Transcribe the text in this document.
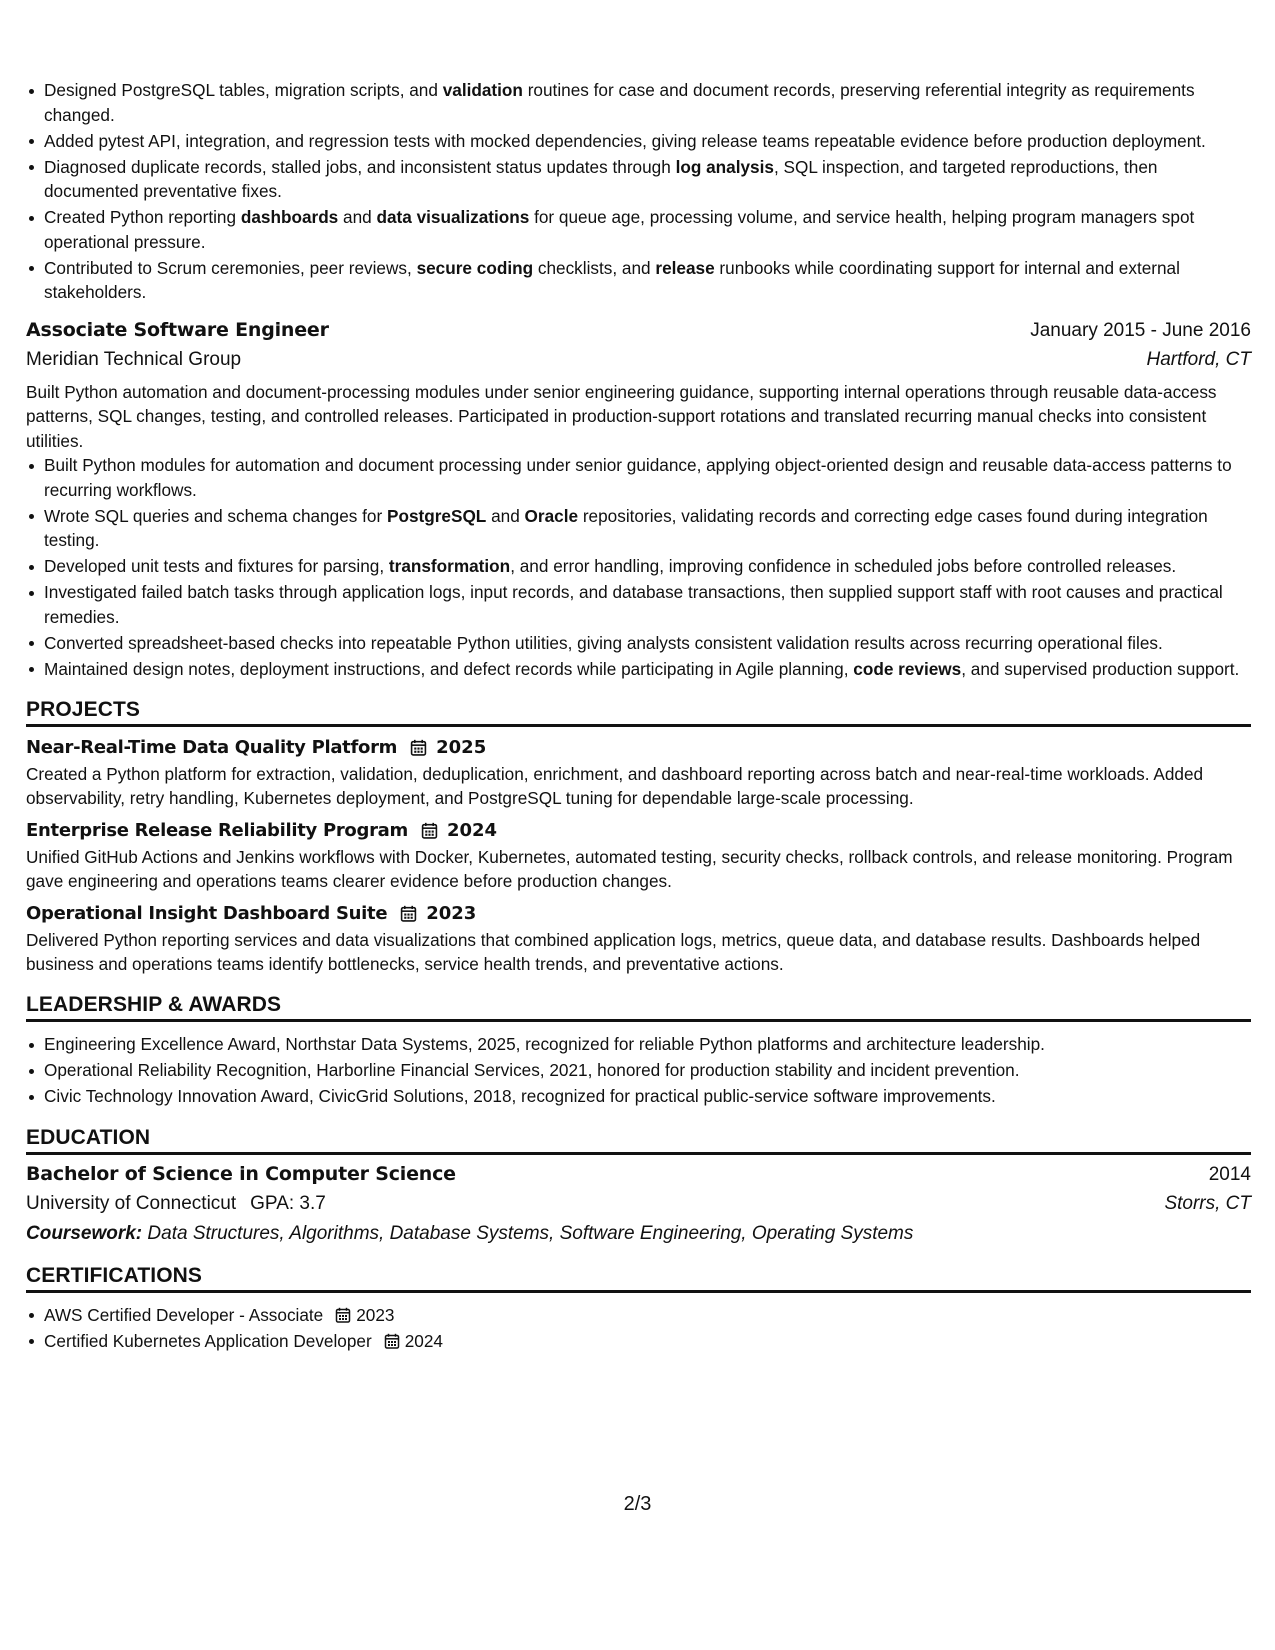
Designed PostgreSQL tables, migration scripts, and validation routines for case and document records, preserving referential integrity as requirements changed.
Added pytest API, integration, and regression tests with mocked dependencies, giving release teams repeatable evidence before production deployment.
Diagnosed duplicate records, stalled jobs, and inconsistent status updates through log analysis, SQL inspection, and targeted reproductions, then documented preventative fixes.
Created Python reporting dashboards and data visualizations for queue age, processing volume, and service health, helping program managers spot operational pressure.
Contributed to Scrum ceremonies, peer reviews, secure coding checklists, and release runbooks while coordinating support for internal and external stakeholders.
Associate Software Engineer	January 2015 - June 2016
Meridian Technical Group	Hartford, CT
Built Python automation and document-processing modules under senior engineering guidance, supporting internal operations through reusable data-access patterns, SQL changes, testing, and controlled releases. Participated in production-support rotations and translated recurring manual checks into consistent utilities.
Built Python modules for automation and document processing under senior guidance, applying object-oriented design and reusable data-access patterns to recurring workflows.
Wrote SQL queries and schema changes for PostgreSQL and Oracle repositories, validating records and correcting edge cases found during integration testing.
Developed unit tests and fixtures for parsing, transformation, and error handling, improving confidence in scheduled jobs before controlled releases.
Investigated failed batch tasks through application logs, input records, and database transactions, then supplied support staff with root causes and practical remedies.
Converted spreadsheet-based checks into repeatable Python utilities, giving analysts consistent validation results across recurring operational files.
Maintained design notes, deployment instructions, and defect records while participating in Agile planning, code reviews, and supervised production support.
PROJECTS
Near-Real-Time Data Quality Platform 2025
Created a Python platform for extraction, validation, deduplication, enrichment, and dashboard reporting across batch and near-real-time workloads. Added observability, retry handling, Kubernetes deployment, and PostgreSQL tuning for dependable large-scale processing.
Enterprise Release Reliability Program 2024
Unified GitHub Actions and Jenkins workflows with Docker, Kubernetes, automated testing, security checks, rollback controls, and release monitoring. Program gave engineering and operations teams clearer evidence before production changes.
Operational Insight Dashboard Suite 2023
Delivered Python reporting services and data visualizations that combined application logs, metrics, queue data, and database results. Dashboards helped business and operations teams identify bottlenecks, service health trends, and preventative actions.
LEADERSHIP & AWARDS
Engineering Excellence Award, Northstar Data Systems, 2025, recognized for reliable Python platforms and architecture leadership.
Operational Reliability Recognition, Harborline Financial Services, 2021, honored for production stability and incident prevention.
Civic Technology Innovation Award, CivicGrid Solutions, 2018, recognized for practical public-service software improvements.
EDUCATION
Bachelor of Science in Computer Science	2014
University of Connecticut GPA: 3.7	Storrs, CT
Coursework: Data Structures, Algorithms, Database Systems, Software Engineering, Operating Systems
CERTIFICATIONS
AWS Certified Developer - Associate 2023
Certified Kubernetes Application Developer 2024
2/3
